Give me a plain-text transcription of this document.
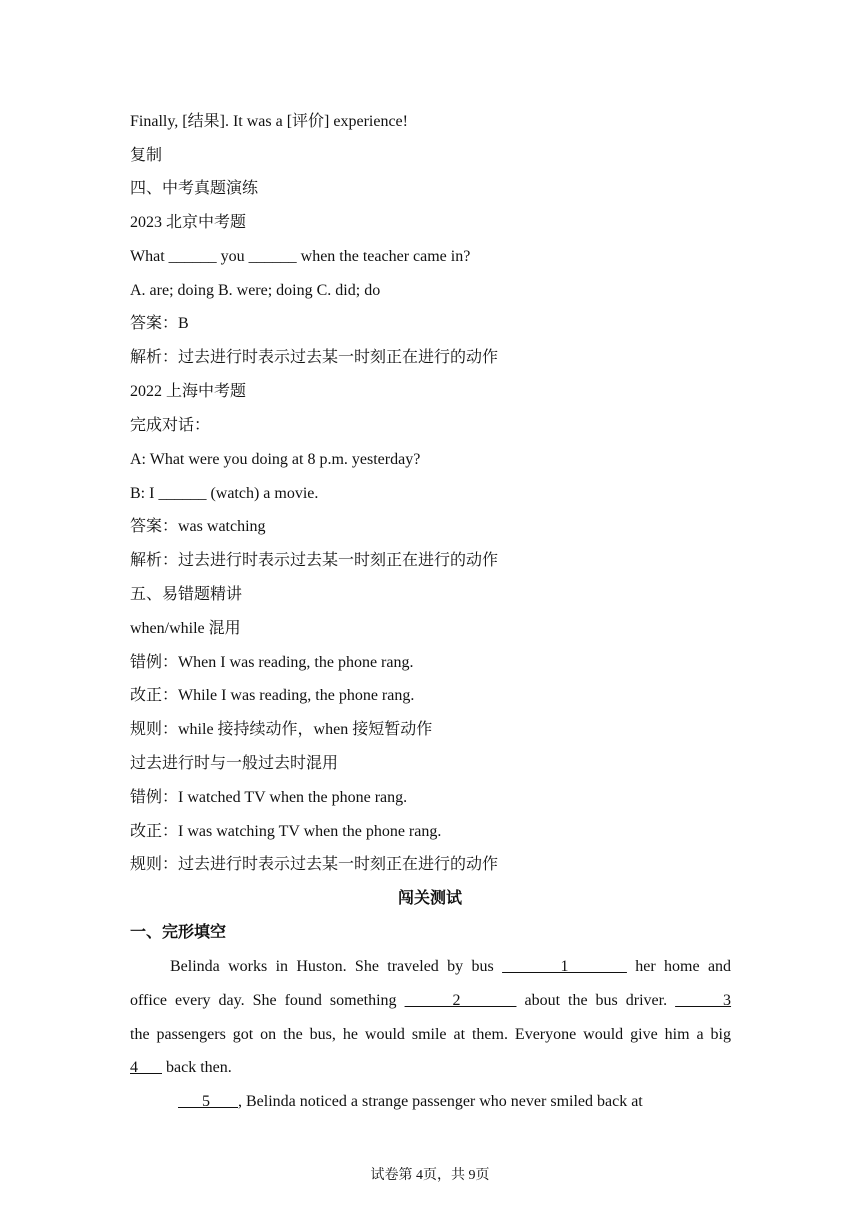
Finally, [结果]. It was a [评价] experience!
复制
四、中考真题演练
2023 北京中考题
What ______ you ______ when the teacher came in?
A. are; doing B. were; doing C. did; do
答案：B
解析：过去进行时表示过去某一时刻正在进行的动作
2022 上海中考题
完成对话：
A: What were you doing at 8 p.m. yesterday?
B: I ______ (watch) a movie.
答案：was watching
解析：过去进行时表示过去某一时刻正在进行的动作
五、易错题精讲
when/while 混用
错例：When I was reading, the phone rang.
改正：While I was reading, the phone rang.
规则：while 接持续动作，when 接短暂动作
过去进行时与一般过去时混用
错例：I watched TV when the phone rang.
改正：I was watching TV when the phone rang.
规则：过去进行时表示过去某一时刻正在进行的动作
闯关测试
一、完形填空
Belinda works in Huston. She traveled by bus        1        her home and
office every day. She found something       2        about the bus driver.       3
the passengers got on the bus, he would smile at them. Everyone would give him a big
4       back then.
5       , Belinda noticed a strange passenger who never smiled back at
试卷第 4页，共 9页
